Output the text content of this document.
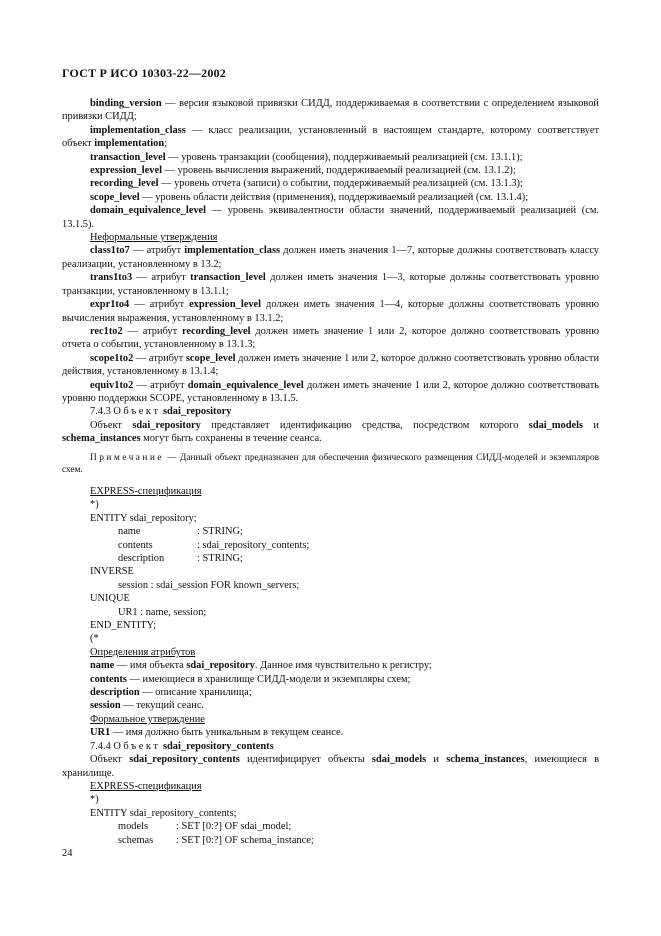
ГОСТ Р ИСО 10303-22—2002

binding_version — версия языковой привязки СИДД, поддерживаемая в соответствии с определением языковой привязки СИДД;

implementation_class — класс реализации, установленный в настоящем стандарте, которому соответствует объект implementation;

transaction_level — уровень транзакции (сообщения), поддерживаемый реализацией (см. 13.1.1);

expression_level — уровень вычисления выражений, поддерживаемый реализацией (см. 13.1.2);

recording_level — уровень отчета (записи) о событии, поддерживаемый реализацией (см. 13.1.3);

scope_level — уровень области действия (применения), поддерживаемый реализацией (см. 13.1.4);

domain_equivalence_level — уровень эквивалентности области значений, поддерживаемый реализацией (см. 13.1.5).

Неформальные утверждения

class1to7 — атрибут implementation_class должен иметь значения 1—7, которые должны соответствовать классу реализации, установленному в 13.2;

trans1to3 — атрибут transaction_level должен иметь значения 1—3, которые должны соответствовать уровню транзакции, установленному в 13.1.1;

expr1to4 — атрибут expression_level должен иметь значения 1—4, которые должны соответствовать уровню вычисления выражения, установленному в 13.1.2;

rec1to2 — атрибут recording_level должен иметь значение 1 или 2, которое должно соответствовать уровню отчета о событии, установленному в 13.1.3;

scope1to2 — атрибут scope_level должен иметь значение 1 или 2, которое должно соответствовать уровню области действия, установленному в 13.1.4;

equiv1to2 — атрибут domain_equivalence_level должен иметь значение 1 или 2, которое должно соответствовать уровню поддержки SCOPE, установленному в 13.1.5.

7.4.3 Объект sdai_repository

Объект sdai_repository представляет идентификацию средства, посредством которого sdai_models и schema_instances могут быть сохранены в течение сеанса.

Примечание — Данный объект предназначен для обеспечения физического размещения СИДД-моделей и экземпляров схем.

EXPRESS-спецификация

*)

ENTITY sdai_repository;

name	: STRING;

contents	: sdai_repository_contents;

description	: STRING;

INVERSE

session : sdai_session FOR known_servers;

UNIQUE

UR1 : name, session;

END_ENTITY;

(*

Определения атрибутов

name — имя объекта sdai_repository. Данное имя чувствительно к регистру;

contents — имеющиеся в хранилище СИДД-модели и экземпляры схем;

description — описание хранилища;

session — текущий сеанс.

Формальное утверждение

UR1 — имя должно быть уникальным в текущем сеансе.

7.4.4 Объект sdai_repository_contents

Объект sdai_repository_contents идентифицирует объекты sdai_models и schema_instances, имеющиеся в хранилище.

EXPRESS-спецификация

*)

ENTITY sdai_repository_contents;

models	: SET [0:?] OF sdai_model;

schemas : SET [0:?] OF schema_instance;

24
